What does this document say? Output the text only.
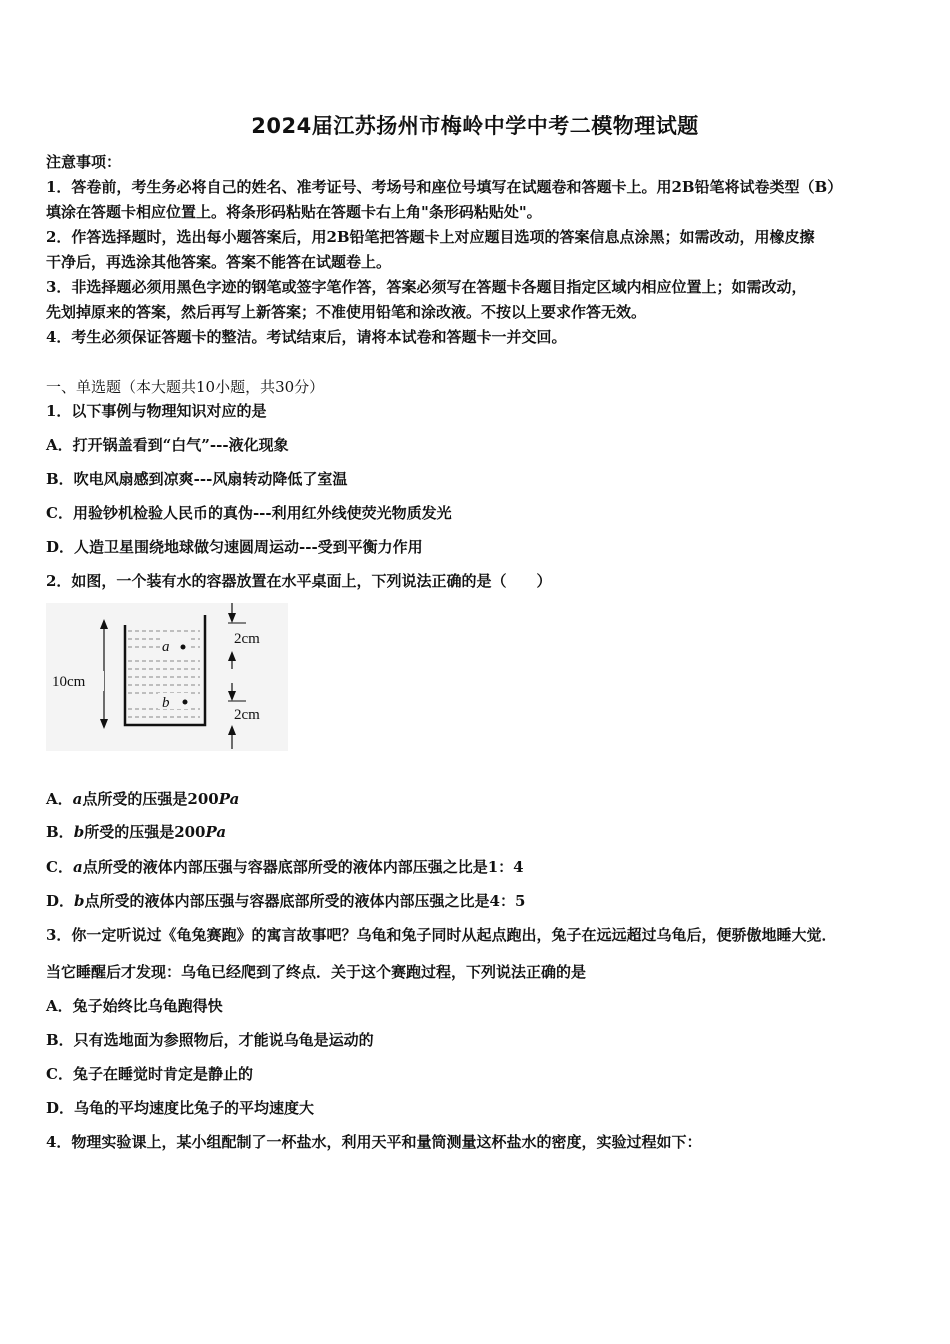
2024届江苏扬州市梅岭中学中考二模物理试题
注意事项：
1．答卷前，考生务必将自己的姓名、准考证号、考场号和座位号填写在试题卷和答题卡上。用2B铅笔将试卷类型（B）
填涂在答题卡相应位置上。将条形码粘贴在答题卡右上角"条形码粘贴处"。
2．作答选择题时，选出每小题答案后，用2B铅笔把答题卡上对应题目选项的答案信息点涂黑；如需改动，用橡皮擦
干净后，再选涂其他答案。答案不能答在试题卷上。
3．非选择题必须用黑色字迹的钢笔或签字笔作答，答案必须写在答题卡各题目指定区域内相应位置上；如需改动，
先划掉原来的答案，然后再写上新答案；不准使用铅笔和涂改液。不按以上要求作答无效。
4．考生必须保证答题卡的整洁。考试结束后，请将本试卷和答题卡一并交回。
一、单选题（本大题共10小题，共30分）
1．以下事例与物理知识对应的是
A．打开锅盖看到“白气”---液化现象
B．吹电风扇感到凉爽---风扇转动降低了室温
C．用验钞机检验人民币的真伪---利用红外线使荧光物质发光
D．人造卫星围绕地球做匀速圆周运动---受到平衡力作用
2．如图，一个装有水的容器放置在水平桌面上，下列说法正确的是（　　）
10cm
2cm
2cm
a
b
A．a点所受的压强是200Pa
B．b所受的压强是200Pa
C．a点所受的液体内部压强与容器底部所受的液体内部压强之比是1：4
D．b点所受的液体内部压强与容器底部所受的液体内部压强之比是4：5
3．你一定听说过《龟兔赛跑》的寓言故事吧？乌龟和兔子同时从起点跑出，兔子在远远超过乌龟后，便骄傲地睡大觉．
当它睡醒后才发现：乌龟已经爬到了终点．关于这个赛跑过程，下列说法正确的是
A．兔子始终比乌龟跑得快
B．只有选地面为参照物后，才能说乌龟是运动的
C．兔子在睡觉时肯定是静止的
D．乌龟的平均速度比兔子的平均速度大
4．物理实验课上，某小组配制了一杯盐水，利用天平和量筒测量这杯盐水的密度，实验过程如下：
